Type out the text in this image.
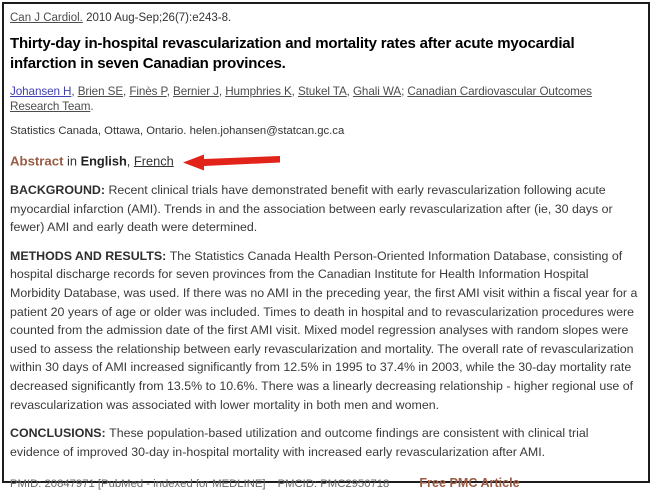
Can J Cardiol. 2010 Aug-Sep;26(7):e243-8.
Thirty-day in-hospital revascularization and mortality rates after acute myocardial infarction in seven Canadian provinces.
Johansen H, Brien SE, Finès P, Bernier J, Humphries K, Stukel TA, Ghali WA; Canadian Cardiovascular Outcomes Research Team.
Statistics Canada, Ottawa, Ontario. helen.johansen@statcan.gc.ca
Abstract in English, French

BACKGROUND: Recent clinical trials have demonstrated benefit with early revascularization following acute myocardial infarction (AMI). Trends in and the association between early revascularization after (ie, 30 days or fewer) AMI and early death were determined.

METHODS AND RESULTS: The Statistics Canada Health Person-Oriented Information Database, consisting of hospital discharge records for seven provinces from the Canadian Institute for Health Information Hospital Morbidity Database, was used. If there was no AMI in the preceding year, the first AMI visit within a fiscal year for a patient 20 years of age or older was included. Times to death in hospital and to revascularization procedures were counted from the admission date of the first AMI visit. Mixed model regression analyses with random slopes were used to assess the relationship between early revascularization and mortality. The overall rate of revascularization within 30 days of AMI increased significantly from 12.5% in 1995 to 37.4% in 2003, while the 30-day mortality rate decreased significantly from 13.5% to 10.6%. There was a linearly decreasing relationship - higher regional use of revascularization was associated with lower mortality in both men and women.

CONCLUSIONS: These population-based utilization and outcome findings are consistent with clinical trial evidence of improved 30-day in-hospital mortality with increased early revascularization after AMI.

PMID: 20847971 [PubMed - indexed for MEDLINE] PMCID: PMC2950718 Free PMC Article
